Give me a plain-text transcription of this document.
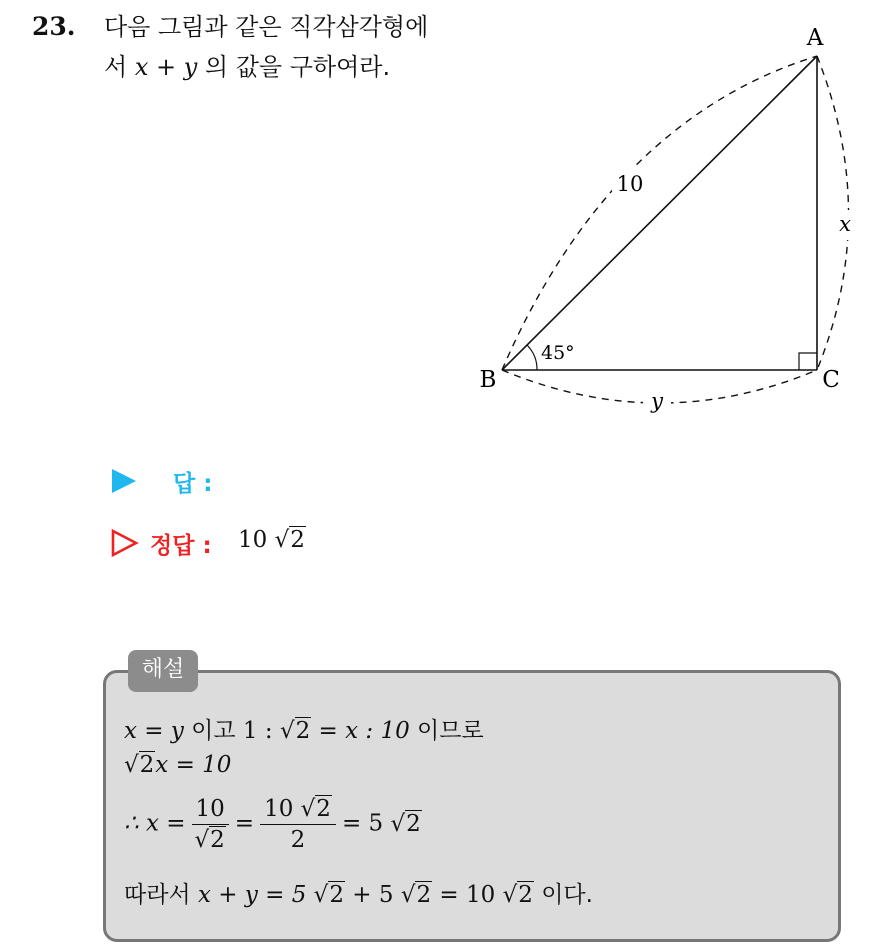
23. 다음 그림과 같은 직각삼각형에
서 x + y 의 값을 구하여라.
A
B	C
10
x
y
45°
답 :
정답 : 10 √2
해설
x = y 이고 1 : √2 = x : 10 이므로
√2x = 10
∴ $x = \frac{10}{√2} = \frac{10 √2}{2} = 5$ √2
따라서 x + y = 5 √2 + 5 √2 = 10 √2 이다.
